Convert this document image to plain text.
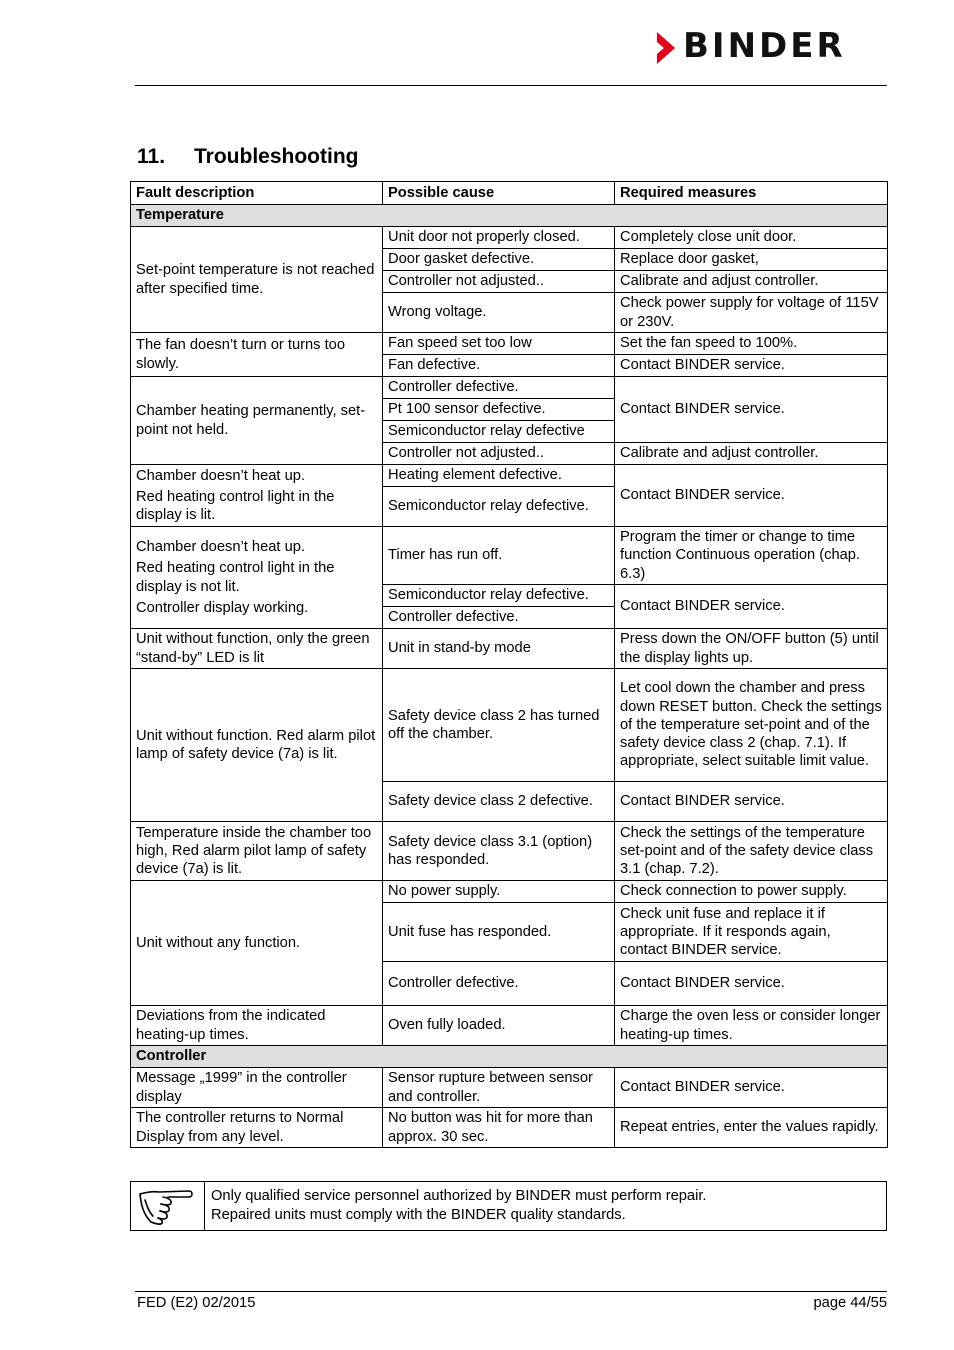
BINDER
11. Troubleshooting
Fault description	Possible cause	Required measures
Temperature		
Set-point temperature is not reached after specified time.	Unit door not properly closed.	Completely close unit door.
	Door gasket defective.	Replace door gasket,
	Controller not adjusted..	Calibrate and adjust controller.
	Wrong voltage.	Check power supply for voltage of 115V or 230V.
The fan doesn’t turn or turns too slowly.	Fan speed set too low	Set the fan speed to 100%.
	Fan defective.	Contact BINDER service.
Chamber heating permanently, set-point not held.	Controller defective.	Contact BINDER service.
	Pt 100 sensor defective.	
	Semiconductor relay defective	
	Controller not adjusted..	Calibrate and adjust controller.

Chamber doesn’t heat up.
Red heating control light in the display is lit.	Heating element defective.	Contact BINDER service.
	Semiconductor relay defective.	

Chamber doesn’t heat up.
Red heating control light in the display is not lit.
Controller display working.	Timer has run off.	Program the timer or change to time function Continuous operation (chap. 6.3)
	Semiconductor relay defective.	Contact BINDER service.
	Controller defective.	
Unit without function, only the green “stand-by” LED is lit	Unit in stand-by mode	Press down the ON/OFF button (5) until the display lights up.
Unit without function. Red alarm pilot lamp of safety device (7a) is lit.	Safety device class 2 has turned off the chamber.	Let cool down the chamber and press down RESET button. Check the settings of the temperature set-point and of the safety device class 2 (chap. 7.1). If appropriate, select suitable limit value.
	Safety device class 2 defective.	Contact BINDER service.
Temperature inside the chamber too high, Red alarm pilot lamp of safety device (7a) is lit.	Safety device class 3.1 (option) has responded.	Check the settings of the temperature set-point and of the safety device class 3.1 (chap. 7.2).
Unit without any function.	No power supply.	Check connection to power supply.
	Unit fuse has responded.	Check unit fuse and replace it if appropriate. If it responds again, contact BINDER service.
	Controller defective.	Contact BINDER service.
Deviations from the indicated heating-up times.	Oven fully loaded.	Charge the oven less or consider longer heating-up times.
Controller		
Message „1999” in the controller display	Sensor rupture between sensor and controller.	Contact BINDER service.
The controller returns to Normal Display from any level.	No button was hit for more than approx. 30 sec.	Repeat entries, enter the values rapidly.
Only qualified service personnel authorized by BINDER must perform repair.
Repaired units must comply with the BINDER quality standards.
FED (E2) 02/2015	page 44/55
